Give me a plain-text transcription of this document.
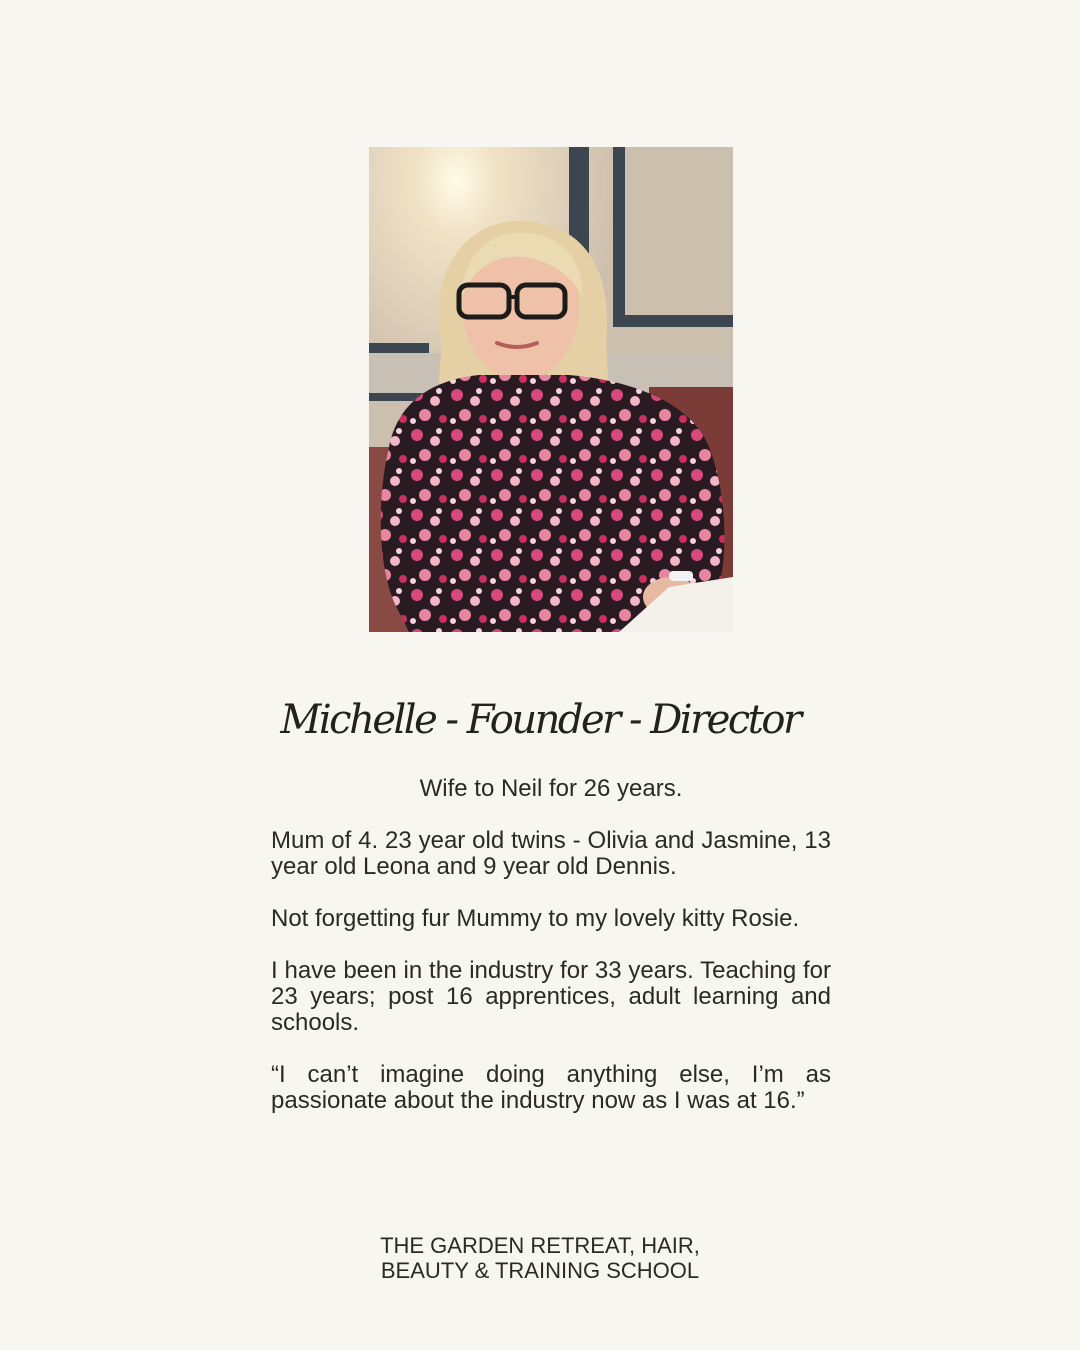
Michelle - Founder - Director

Wife to Neil for 26 years.

Mum of 4. 23 year old twins - Olivia and Jasmine, 13 year old Leona and 9 year old Dennis.

Not forgetting fur Mummy to my lovely kitty Rosie.

I have been in the industry for 33 years. Teaching for 23 years; post 16 apprentices, adult learning and schools.

“I can’t imagine doing anything else, I’m as passionate about the industry now as I was at 16.”

THE GARDEN RETREAT, HAIR,
BEAUTY & TRAINING SCHOOL
